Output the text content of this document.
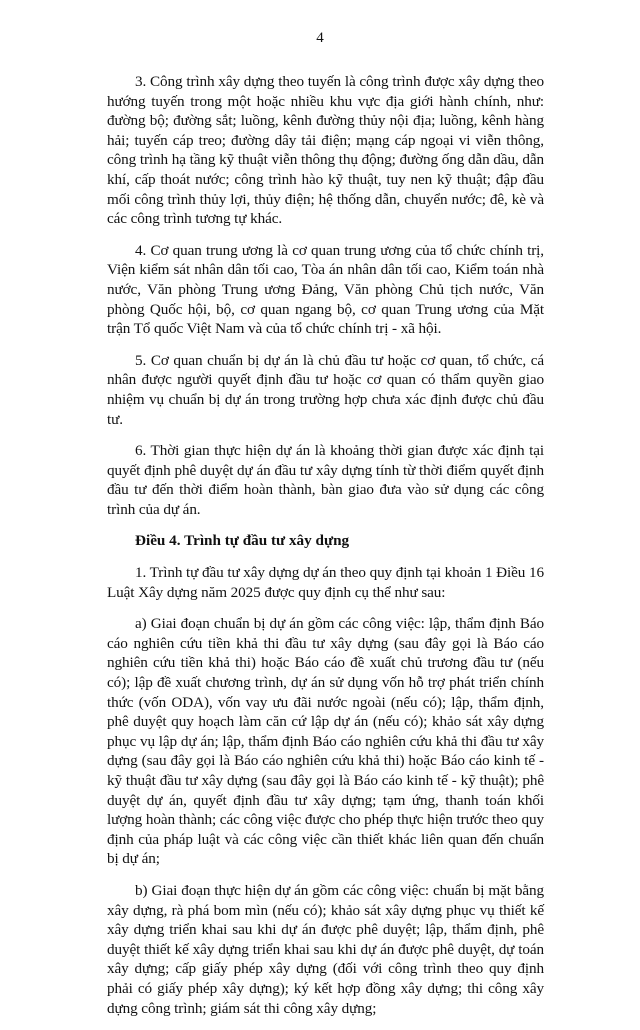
4

3. Công trình xây dựng theo tuyến là công trình được xây dựng theo hướng tuyến trong một hoặc nhiều khu vực địa giới hành chính, như: đường bộ; đường sắt; luồng, kênh đường thủy nội địa; luồng, kênh hàng hải; tuyến cáp treo; đường dây tải điện; mạng cáp ngoại vi viễn thông, công trình hạ tầng kỹ thuật viễn thông thụ động; đường ống dẫn dầu, dẫn khí, cấp thoát nước; công trình hào kỹ thuật, tuy nen kỹ thuật; đập đầu mối công trình thủy lợi, thủy điện; hệ thống dẫn, chuyển nước; đê, kè và các công trình tương tự khác.

4. Cơ quan trung ương là cơ quan trung ương của tổ chức chính trị, Viện kiểm sát nhân dân tối cao, Tòa án nhân dân tối cao, Kiểm toán nhà nước, Văn phòng Trung ương Đảng, Văn phòng Chủ tịch nước, Văn phòng Quốc hội, bộ, cơ quan ngang bộ, cơ quan Trung ương của Mặt trận Tổ quốc Việt Nam và của tổ chức chính trị - xã hội.

5. Cơ quan chuẩn bị dự án là chủ đầu tư hoặc cơ quan, tổ chức, cá nhân được người quyết định đầu tư hoặc cơ quan có thẩm quyền giao nhiệm vụ chuẩn bị dự án trong trường hợp chưa xác định được chủ đầu tư.

6. Thời gian thực hiện dự án là khoảng thời gian được xác định tại quyết định phê duyệt dự án đầu tư xây dựng tính từ thời điểm quyết định đầu tư đến thời điểm hoàn thành, bàn giao đưa vào sử dụng các công trình của dự án.

Điều 4. Trình tự đầu tư xây dựng

1. Trình tự đầu tư xây dựng dự án theo quy định tại khoản 1 Điều 16 Luật Xây dựng năm 2025 được quy định cụ thể như sau:

a) Giai đoạn chuẩn bị dự án gồm các công việc: lập, thẩm định Báo cáo nghiên cứu tiền khả thi đầu tư xây dựng (sau đây gọi là Báo cáo nghiên cứu tiền khả thi) hoặc Báo cáo đề xuất chủ trương đầu tư (nếu có); lập đề xuất chương trình, dự án sử dụng vốn hỗ trợ phát triển chính thức (vốn ODA), vốn vay ưu đãi nước ngoài (nếu có); lập, thẩm định, phê duyệt quy hoạch làm căn cứ lập dự án (nếu có); khảo sát xây dựng phục vụ lập dự án; lập, thẩm định Báo cáo nghiên cứu khả thi đầu tư xây dựng (sau đây gọi là Báo cáo nghiên cứu khả thi) hoặc Báo cáo kinh tế - kỹ thuật đầu tư xây dựng (sau đây gọi là Báo cáo kinh tế - kỹ thuật); phê duyệt dự án, quyết định đầu tư xây dựng; tạm ứng, thanh toán khối lượng hoàn thành; các công việc được cho phép thực hiện trước theo quy định của pháp luật và các công việc cần thiết khác liên quan đến chuẩn bị dự án;

b) Giai đoạn thực hiện dự án gồm các công việc: chuẩn bị mặt bằng xây dựng, rà phá bom mìn (nếu có); khảo sát xây dựng phục vụ thiết kế xây dựng triển khai sau khi dự án được phê duyệt; lập, thẩm định, phê duyệt thiết kế xây dựng triển khai sau khi dự án được phê duyệt, dự toán xây dựng; cấp giấy phép xây dựng (đối với công trình theo quy định phải có giấy phép xây dựng); ký kết hợp đồng xây dựng; thi công xây dựng công trình; giám sát thi công xây dựng;
